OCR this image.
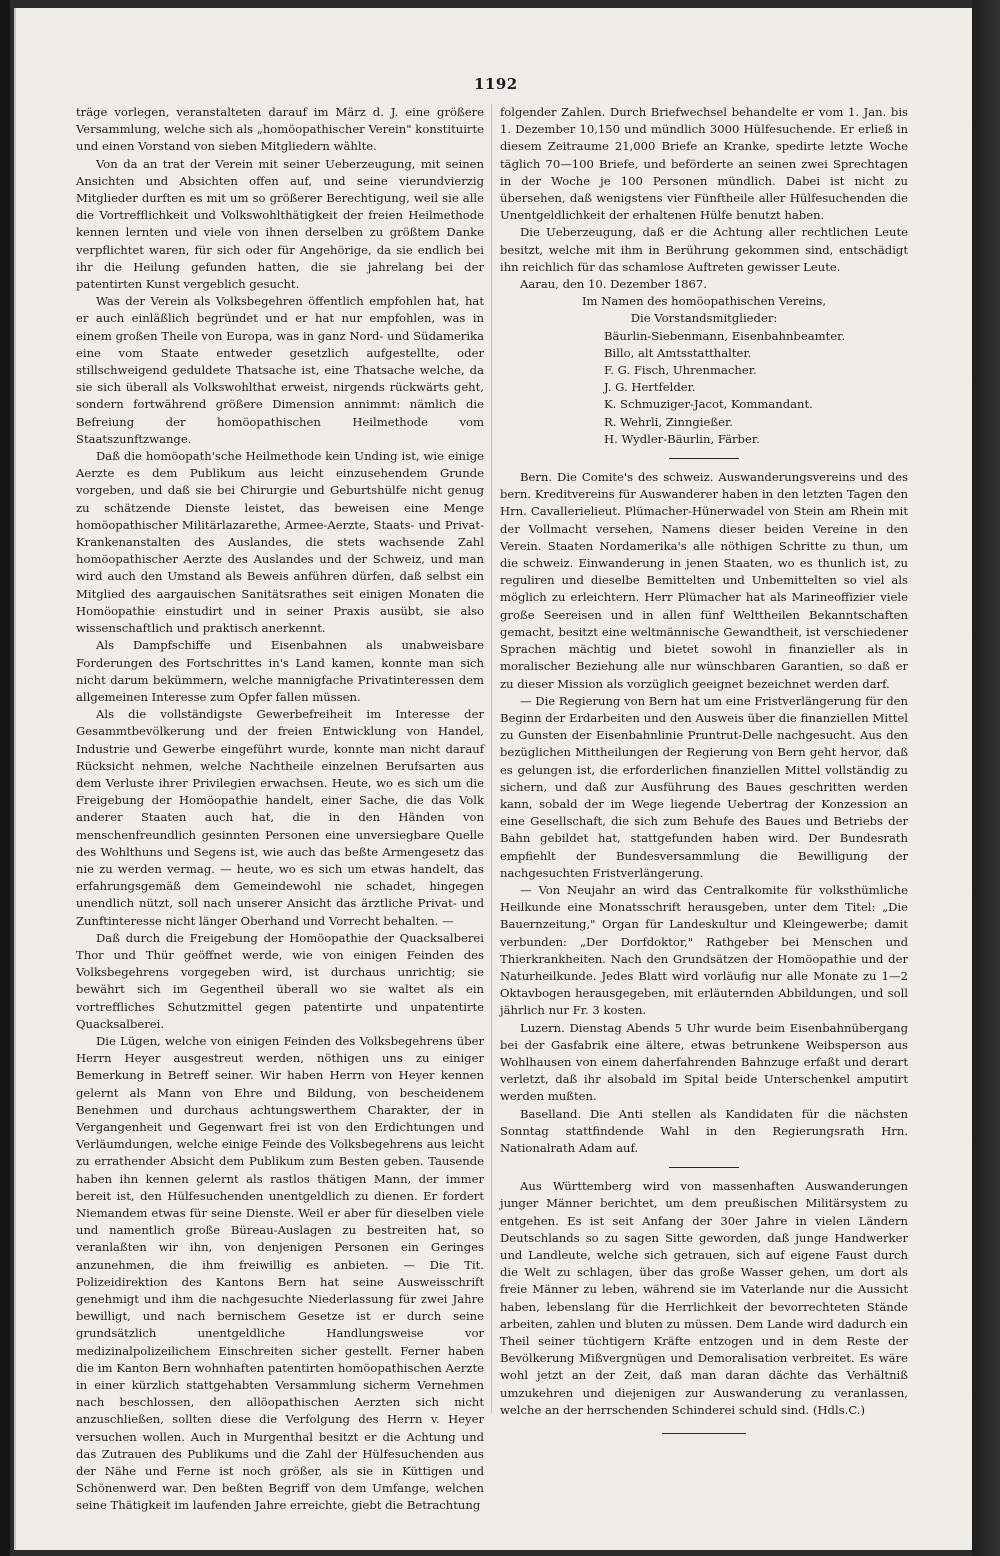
1192

träge vorlegen, veranstalteten darauf im März d. J. eine größere Versammlung, welche sich als „homöopathischer Verein" konstituirte und einen Vorstand von sieben Mitgliedern wählte.

Von da an trat der Verein mit seiner Ueberzeugung, mit seinen Ansichten und Absichten offen auf, und seine vierundvierzig Mitglieder durften es mit um so größerer Berechtigung, weil sie alle die Vortrefflichkeit und Volkswohlthätigkeit der freien Heilmethode kennen lernten und viele von ihnen derselben zu größtem Danke verpflichtet waren, für sich oder für Angehörige, da sie endlich bei ihr die Heilung gefunden hatten, die sie jahrelang bei der patentirten Kunst vergeblich gesucht.

Was der Verein als Volksbegehren öffentlich empfohlen hat, hat er auch einläßlich begründet und er hat nur empfohlen, was in einem großen Theile von Europa, was in ganz Nord- und Südamerika eine vom Staate entweder gesetzlich aufgestellte, oder stillschweigend geduldete Thatsache ist, eine Thatsache welche, da sie sich überall als Volkswohlthat erweist, nirgends rückwärts geht, sondern fortwährend größere Dimension annimmt: nämlich die Befreiung der homöopathischen Heilmethode vom Staatszunftzwange.

Daß die homöopath'sche Heilmethode kein Unding ist, wie einige Aerzte es dem Publikum aus leicht einzusehendem Grunde vorgeben, und daß sie bei Chirurgie und Geburtshülfe nicht genug zu schätzende Dienste leistet, das beweisen eine Menge homöopathischer Militärlazarethe, Armee-Aerzte, Staats- und Privat-Krankenanstalten des Auslandes, die stets wachsende Zahl homöopathischer Aerzte des Auslandes und der Schweiz, und man wird auch den Umstand als Beweis anführen dürfen, daß selbst ein Mitglied des aargauischen Sanitätsrathes seit einigen Monaten die Homöopathie einstudirt und in seiner Praxis ausübt, sie also wissenschaftlich und praktisch anerkennt.

Als Dampfschiffe und Eisenbahnen als unabweisbare Forderungen des Fortschrittes in's Land kamen, konnte man sich nicht darum bekümmern, welche mannigfache Privatinteressen dem allgemeinen Interesse zum Opfer fallen müssen.

Als die vollständigste Gewerbefreiheit im Interesse der Gesammtbevölkerung und der freien Entwicklung von Handel, Industrie und Gewerbe eingeführt wurde, konnte man nicht darauf Rücksicht nehmen, welche Nachtheile einzelnen Berufsarten aus dem Verluste ihrer Privilegien erwachsen. Heute, wo es sich um die Freigebung der Homöopathie handelt, einer Sache, die das Volk anderer Staaten auch hat, die in den Händen von menschenfreundlich gesinnten Personen eine unversiegbare Quelle des Wohlthuns und Segens ist, wie auch das beßte Armengesetz das nie zu werden vermag. — heute, wo es sich um etwas handelt, das erfahrungsgemäß dem Gemeindewohl nie schadet, hingegen unendlich nützt, soll nach unserer Ansicht das ärztliche Privat- und Zunftinteresse nicht länger Oberhand und Vorrecht behalten. —

Daß durch die Freigebung der Homöopathie der Quacksalberei Thor und Thür geöffnet werde, wie von einigen Feinden des Volksbegehrens vorgegeben wird, ist durchaus unrichtig; sie bewährt sich im Gegentheil überall wo sie waltet als ein vortreffliches Schutzmittel gegen patentirte und unpatentirte Quacksalberei.

Die Lügen, welche von einigen Feinden des Volksbegehrens über Herrn Heyer ausgestreut werden, nöthigen uns zu einiger Bemerkung in Betreff seiner. Wir haben Herrn von Heyer kennen gelernt als Mann von Ehre und Bildung, von bescheidenem Benehmen und durchaus achtungswerthem Charakter, der in Vergangenheit und Gegenwart frei ist von den Erdichtungen und Verläumdungen, welche einige Feinde des Volksbegehrens aus leicht zu errathender Absicht dem Publikum zum Besten geben. Tausende haben ihn kennen gelernt als rastlos thätigen Mann, der immer bereit ist, den Hülfesuchenden unentgeldlich zu dienen. Er fordert Niemandem etwas für seine Dienste. Weil er aber für dieselben viele und namentlich große Büreau-Auslagen zu bestreiten hat, so veranlaßten wir ihn, von denjenigen Personen ein Geringes anzunehmen, die ihm freiwillig es anbieten. — Die Tit. Polizeidirektion des Kantons Bern hat seine Ausweisschrift genehmigt und ihm die nachgesuchte Niederlassung für zwei Jahre bewilligt, und nach bernischem Gesetze ist er durch seine grundsätzlich unentgeldliche Handlungsweise vor medizinalpolizeilichem Einschreiten sicher gestellt. Ferner haben die im Kanton Bern wohnhaften patentirten homöopathischen Aerzte in einer kürzlich stattgehabten Versammlung sicherm Vernehmen nach beschlossen, den allöopathischen Aerzten sich nicht anzuschließen, sollten diese die Verfolgung des Herrn v. Heyer versuchen wollen. Auch in Murgenthal besitzt er die Achtung und das Zutrauen des Publikums und die Zahl der Hülfesuchenden aus der Nähe und Ferne ist noch größer, als sie in Küttigen und Schönenwerd war. Den beßten Begriff von dem Umfange, welchen seine Thätigkeit im laufenden Jahre erreichte, giebt die Betrachtung

folgender Zahlen. Durch Briefwechsel behandelte er vom 1. Jan. bis 1. Dezember 10,150 und mündlich 3000 Hülfesuchende. Er erließ in diesem Zeitraume 21,000 Briefe an Kranke, spedirte letzte Woche täglich 70—100 Briefe, und beförderte an seinen zwei Sprechtagen in der Woche je 100 Personen mündlich. Dabei ist nicht zu übersehen, daß wenigstens vier Fünftheile aller Hülfesuchenden die Unentgeldlichkeit der erhaltenen Hülfe benutzt haben.

Die Ueberzeugung, daß er die Achtung aller rechtlichen Leute besitzt, welche mit ihm in Berührung gekommen sind, entschädigt ihn reichlich für das schamlose Auftreten gewisser Leute.

Aarau, den 10. Dezember 1867.

Im Namen des homöopathischen Vereins,
Die Vorstandsmitglieder:
Bäurlin-Siebenmann, Eisenbahnbeamter.
Billo, alt Amtsstatthalter.
F. G. Fisch, Uhrenmacher.
J. G. Hertfelder.
K. Schmuziger-Jacot, Kommandant.
R. Wehrli, Zinngießer.
H. Wydler-Bäurlin, Färber.

Bern. Die Comite's des schweiz. Auswanderungsvereins und des bern. Kreditvereins für Auswanderer haben in den letzten Tagen den Hrn. Cavallerielieut. Plümacher-Hünerwadel von Stein am Rhein mit der Vollmacht versehen, Namens dieser beiden Vereine in den Verein. Staaten Nordamerika's alle nöthigen Schritte zu thun, um die schweiz. Einwanderung in jenen Staaten, wo es thunlich ist, zu reguliren und dieselbe Bemittelten und Unbemittelten so viel als möglich zu erleichtern. Herr Plümacher hat als Marineoffizier viele große Seereisen und in allen fünf Welttheilen Bekanntschaften gemacht, besitzt eine weltmännische Gewandtheit, ist verschiedener Sprachen mächtig und bietet sowohl in finanzieller als in moralischer Beziehung alle nur wünschbaren Garantien, so daß er zu dieser Mission als vorzüglich geeignet bezeichnet werden darf.

— Die Regierung von Bern hat um eine Fristverlängerung für den Beginn der Erdarbeiten und den Ausweis über die finanziellen Mittel zu Gunsten der Eisenbahnlinie Pruntrut-Delle nachgesucht. Aus den bezüglichen Mittheilungen der Regierung von Bern geht hervor, daß es gelungen ist, die erforderlichen finanziellen Mittel vollständig zu sichern, und daß zur Ausführung des Baues geschritten werden kann, sobald der im Wege liegende Uebertrag der Konzession an eine Gesellschaft, die sich zum Behufe des Baues und Betriebs der Bahn gebildet hat, stattgefunden haben wird. Der Bundesrath empfiehlt der Bundesversammlung die Bewilligung der nachgesuchten Fristverlängerung.

— Von Neujahr an wird das Centralkomite für volksthümliche Heilkunde eine Monatsschrift herausgeben, unter dem Titel: „Die Bauernzeitung," Organ für Landeskultur und Kleingewerbe; damit verbunden: „Der Dorfdoktor," Rathgeber bei Menschen und Thierkrankheiten. Nach den Grundsätzen der Homöopathie und der Naturheilkunde. Jedes Blatt wird vorläufig nur alle Monate zu 1—2 Oktavbogen herausgegeben, mit erläuternden Abbildungen, und soll jährlich nur Fr. 3 kosten.

Luzern. Dienstag Abends 5 Uhr wurde beim Eisenbahnübergang bei der Gasfabrik eine ältere, etwas betrunkene Weibsperson aus Wohlhausen von einem daherfahrenden Bahnzuge erfaßt und derart verletzt, daß ihr alsobald im Spital beide Unterschenkel amputirt werden mußten.

Baselland. Die Anti stellen als Kandidaten für die nächsten Sonntag stattfindende Wahl in den Regierungsrath Hrn. Nationalrath Adam auf.

Aus Württemberg wird von massenhaften Auswanderungen junger Männer berichtet, um dem preußischen Militärsystem zu entgehen. Es ist seit Anfang der 30er Jahre in vielen Ländern Deutschlands so zu sagen Sitte geworden, daß junge Handwerker und Landleute, welche sich getrauen, sich auf eigene Faust durch die Welt zu schlagen, über das große Wasser gehen, um dort als freie Männer zu leben, während sie im Vaterlande nur die Aussicht haben, lebenslang für die Herrlichkeit der bevorrechteten Stände arbeiten, zahlen und bluten zu müssen. Dem Lande wird dadurch ein Theil seiner tüchtigern Kräfte entzogen und in dem Reste der Bevölkerung Mißvergnügen und Demoralisation verbreitet. Es wäre wohl jetzt an der Zeit, daß man daran dächte das Verhältniß umzukehren und diejenigen zur Auswanderung zu veranlassen, welche an der herrschenden Schinderei schuld sind. (Hdls.C.)
